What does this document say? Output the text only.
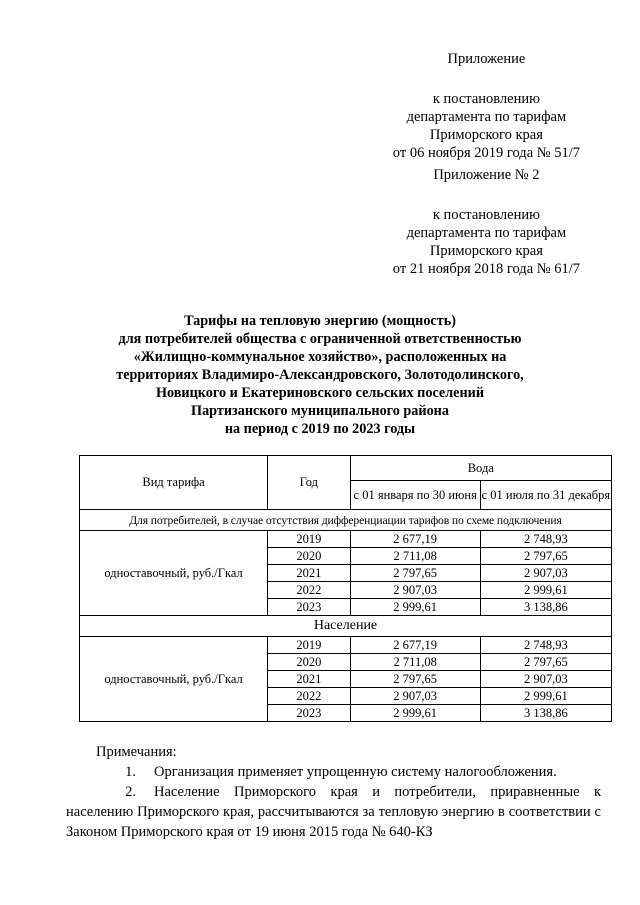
Приложение
к постановлению
департамента по тарифам
Приморского края
от 06 ноября 2019 года № 51/7
Приложение № 2
к постановлению
департамента по тарифам
Приморского края
от 21 ноября 2018 года № 61/7
Тарифы на тепловую энергию (мощность)
для потребителей общества с ограниченной ответственностью
«Жилищно-коммунальное хозяйство», расположенных на
территориях Владимиро-Александровского, Золотодолинского,
Новицкого и Екатериновского сельских поселений
Партизанского муниципального района
на период с 2019 по 2023 годы
Вид тарифа	Год	Вода	
		с 01 января по 30 июня	с 01 июля по 31 декабря
Для потребителей, в случае отсутствия дифференциации тарифов по схеме подключения			
одноставочный, руб./Гкал	2019	2 677,19	2 748,93
	2020	2 711,08	2 797,65
	2021	2 797,65	2 907,03
	2022	2 907,03	2 999,61
	2023	2 999,61	3 138,86
Население			
одноставочный, руб./Гкал	2019	2 677,19	2 748,93
	2020	2 711,08	2 797,65
	2021	2 797,65	2 907,03
	2022	2 907,03	2 999,61
	2023	2 999,61	3 138,86
Примечания:
1. Организация применяет упрощенную систему налогообложения.
2. Население Приморского края и потребители, приравненные к населению Приморского края, рассчитываются за тепловую энергию в соответствии с Законом Приморского края от 19 июня 2015 года № 640-КЗ
